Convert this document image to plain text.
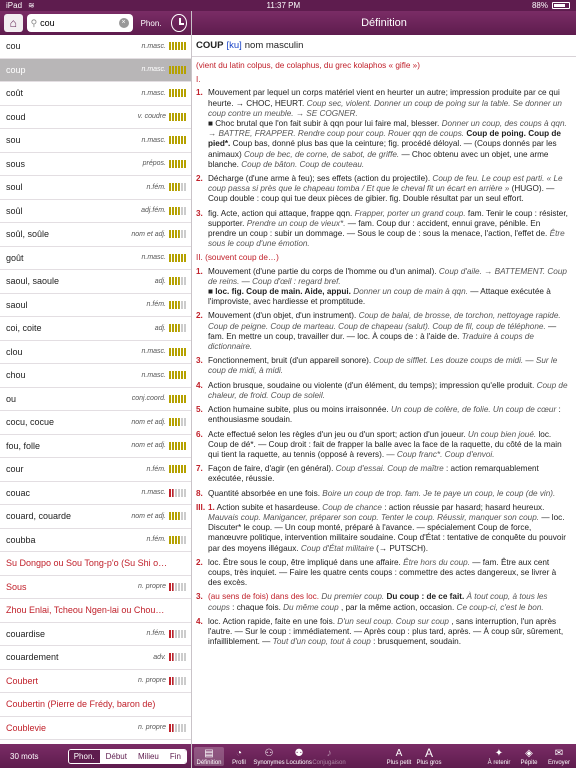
iPad ≋	11:37 PM	88%
⌂	⚲
cou	×	Phon.
cou	n.masc.
coup	n.masc.
coût	n.masc.
coud	v. coudre
sou	n.masc.
sous	prépos.
soul	n.fém.
soûl	adj.fém.
soûl, soûle	nom et adj.
goût	n.masc.
saoul, saoule	adj.
saoul	n.fém.
coi, coite	adj.
clou	n.masc.
chou	n.masc.
ou	conj.coord.
cocu, cocue	nom et adj.
fou, folle	nom et adj.
cour	n.fém.
couac	n.masc.
couard, couarde	nom et adj.
coubba	n.fém.
Su Dongpo ou Sou Tong-p'o (Su Shi o…
Sous	n. propre
Zhou Enlai, Tcheou Ngen-lai ou Chou…
couardise	n.fém.
couardement	adv.
Coubert	n. propre
Coubertin (Pierre de Frédy, baron de)
Coublevie	n. propre
30 mots	Phon.	Début	Milieu	Fin
Définition
COUP [ku] nom masculin
(vient du latin colpus, de colaphus, du grec kolaphos « gifle »)
I.
1. Mouvement par lequel un corps matériel vient en heurter un autre; impression produite par ce qui heurte. → CHOC, HEURT. Coup sec, violent. Donner un coup de poing sur la table. Se donner un coup contre un meuble. → SE COGNER.
■ Choc brutal que l'on fait subir à qqn pour lui faire mal, blesser. Donner un coup, des coups à qqn. → BATTRE, FRAPPER. Rendre coup pour coup. Rouer qqn de coups. Coup de poing. Coup de pied*. Coup bas, donné plus bas que la ceinture; fig. procédé déloyal. — (Coups donnés par les animaux) Coup de bec, de corne, de sabot, de griffe. — Choc obtenu avec un objet, une arme blanche. Coup de bâton. Coup de couteau.
2. Décharge (d'une arme à feu); ses effets (action du projectile). Coup de feu. Le coup est parti. « Le coup passa si près que le chapeau tomba / Et que le cheval fit un écart en arrière » (HUGO). — Coup double : coup qui tue deux pièces de gibier. fig. Double résultat par un seul effort.
3. fig. Acte, action qui attaque, frappe qqn. Frapper, porter un grand coup. fam. Tenir le coup : résister, supporter. Prendre un coup de vieux*. — fam. Coup dur : accident, ennui grave, pénible. En prendre un coup : subir un dommage. — Sous le coup de : sous la menace, l'action, l'effet de. Être sous le coup d'une émotion.
II. (souvent coup de…)
1. Mouvement (d'une partie du corps de l'homme ou d'un animal). Coup d'aile. → BATTEMENT. Coup de reins. — Coup d'œil : regard bref.
■ loc. fig. Coup de main. Aide, appui. Donner un coup de main à qqn. — Attaque exécutée à l'improviste, avec hardiesse et promptitude.
2. Mouvement (d'un objet, d'un instrument). Coup de balai, de brosse, de torchon, nettoyage rapide. Coup de peigne. Coup de marteau. Coup de chapeau (salut). Coup de fil, coup de téléphone. — fam. En mettre un coup, travailler dur. — loc. À coups de : à l'aide de. Traduire à coups de dictionnaire.
3. Fonctionnement, bruit (d'un appareil sonore). Coup de sifflet. Les douze coups de midi. — Sur le coup de midi, à midi.
4. Action brusque, soudaine ou violente (d'un élément, du temps); impression qu'elle produit. Coup de chaleur, de froid. Coup de soleil.
5. Action humaine subite, plus ou moins irraisonnée. Un coup de colère, de folie. Un coup de cœur : enthousiasme soudain.
6. Acte effectué selon les règles d'un jeu ou d'un sport; action d'un joueur. Un coup bien joué. loc. Coup de dé*. — Coup droit : fait de frapper la balle avec la face de la raquette, du côté de la main qui tient la raquette, au tennis (opposé à revers). — Coup franc*. Coup d'envoi.
7. Façon de faire, d'agir (en général). Coup d'essai. Coup de maître : action remarquablement exécutée, réussie.
8. Quantité absorbée en une fois. Boire un coup de trop. fam. Je te paye un coup, le coup (de vin).
III. 1. Action subite et hasardeuse. Coup de chance : action réussie par hasard; hasard heureux. Mauvais coup. Manigancer, préparer son coup. Tenter le coup. Réussir, manquer son coup. — loc. Discuter* le coup. — Un coup monté, préparé à l'avance. — spécialement Coup de force, manœuvre politique, intervention militaire soudaine. Coup d'État : tentative de conquête du pouvoir par des moyens illégaux. Coup d'État militaire (→ PUTSCH).
2. loc. Être sous le coup, être impliqué dans une affaire. Être hors du coup. — fam. Être aux cent coups, très inquiet. — Faire les quatre cents coups : commettre des actes dangereux, se livrer à des excès.
3. (au sens de fois) dans des loc. Du premier coup. Du coup : de ce fait. À tout coup, à tous les coups : chaque fois. Du même coup , par la même action, occasion. Ce coup-ci, c'est le bon.
4. loc. Action rapide, faite en une fois. D'un seul coup. Coup sur coup , sans interruption, l'un après l'autre. — Sur le coup : immédiatement. — Après coup : plus tard, après. — À coup sûr, sûrement, infailliblement. — Tout d'un coup, tout à coup : brusquement, soudain.
▤
Définition
◔
Profil
⚇
Synonymes
⚉
Locutions
♪
Conjugaison
A
Plus petit
A
Plus gros
✦
À retenir
◈
Pépite
✉
Envoyer
